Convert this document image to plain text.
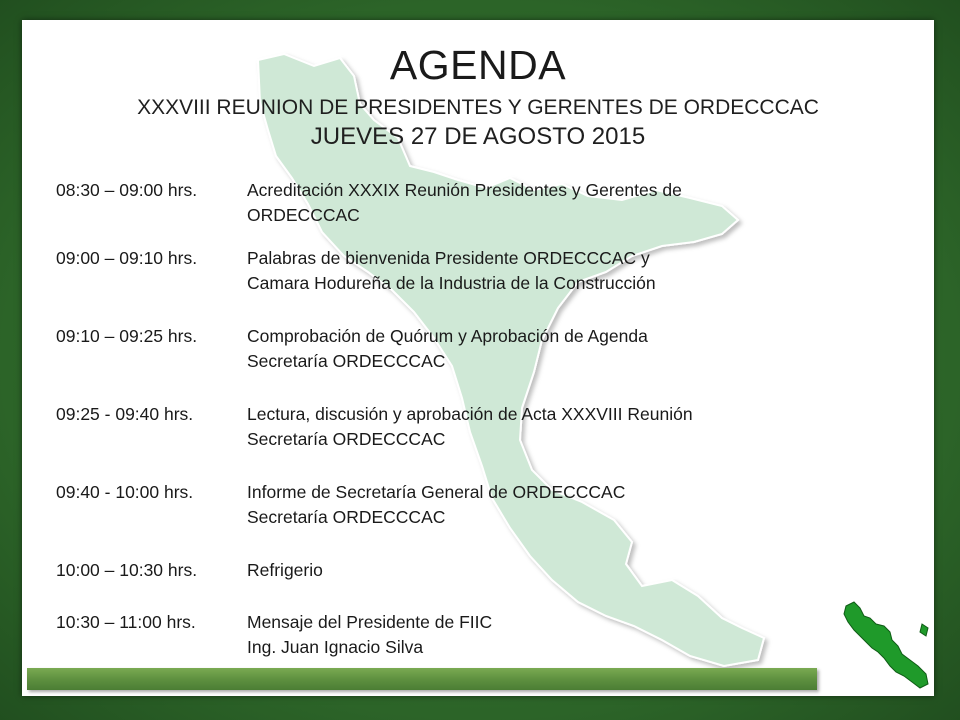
AGENDA
XXXVIII REUNION DE PRESIDENTES Y GERENTES DE ORDECCCAC
JUEVES 27 DE AGOSTO 2015
08:30 – 09:00 hrs.	Acreditación XXXIX Reunión Presidentes y Gerentes de
ORDECCCAC
09:00 – 09:10 hrs.	Palabras de bienvenida Presidente ORDECCCAC y
Camara Hodureña de la Industria de la Construcción
09:10 – 09:25 hrs.	Comprobación de Quórum y Aprobación de Agenda
Secretaría ORDECCCAC
09:25 - 09:40 hrs.	Lectura, discusión y aprobación de Acta XXXVIII Reunión
Secretaría ORDECCCAC
09:40 - 10:00 hrs.	Informe de Secretaría General de ORDECCCAC
Secretaría ORDECCCAC
10:00 – 10:30 hrs.	Refrigerio
10:30 – 11:00 hrs.	Mensaje del Presidente de FIIC
Ing. Juan Ignacio Silva
